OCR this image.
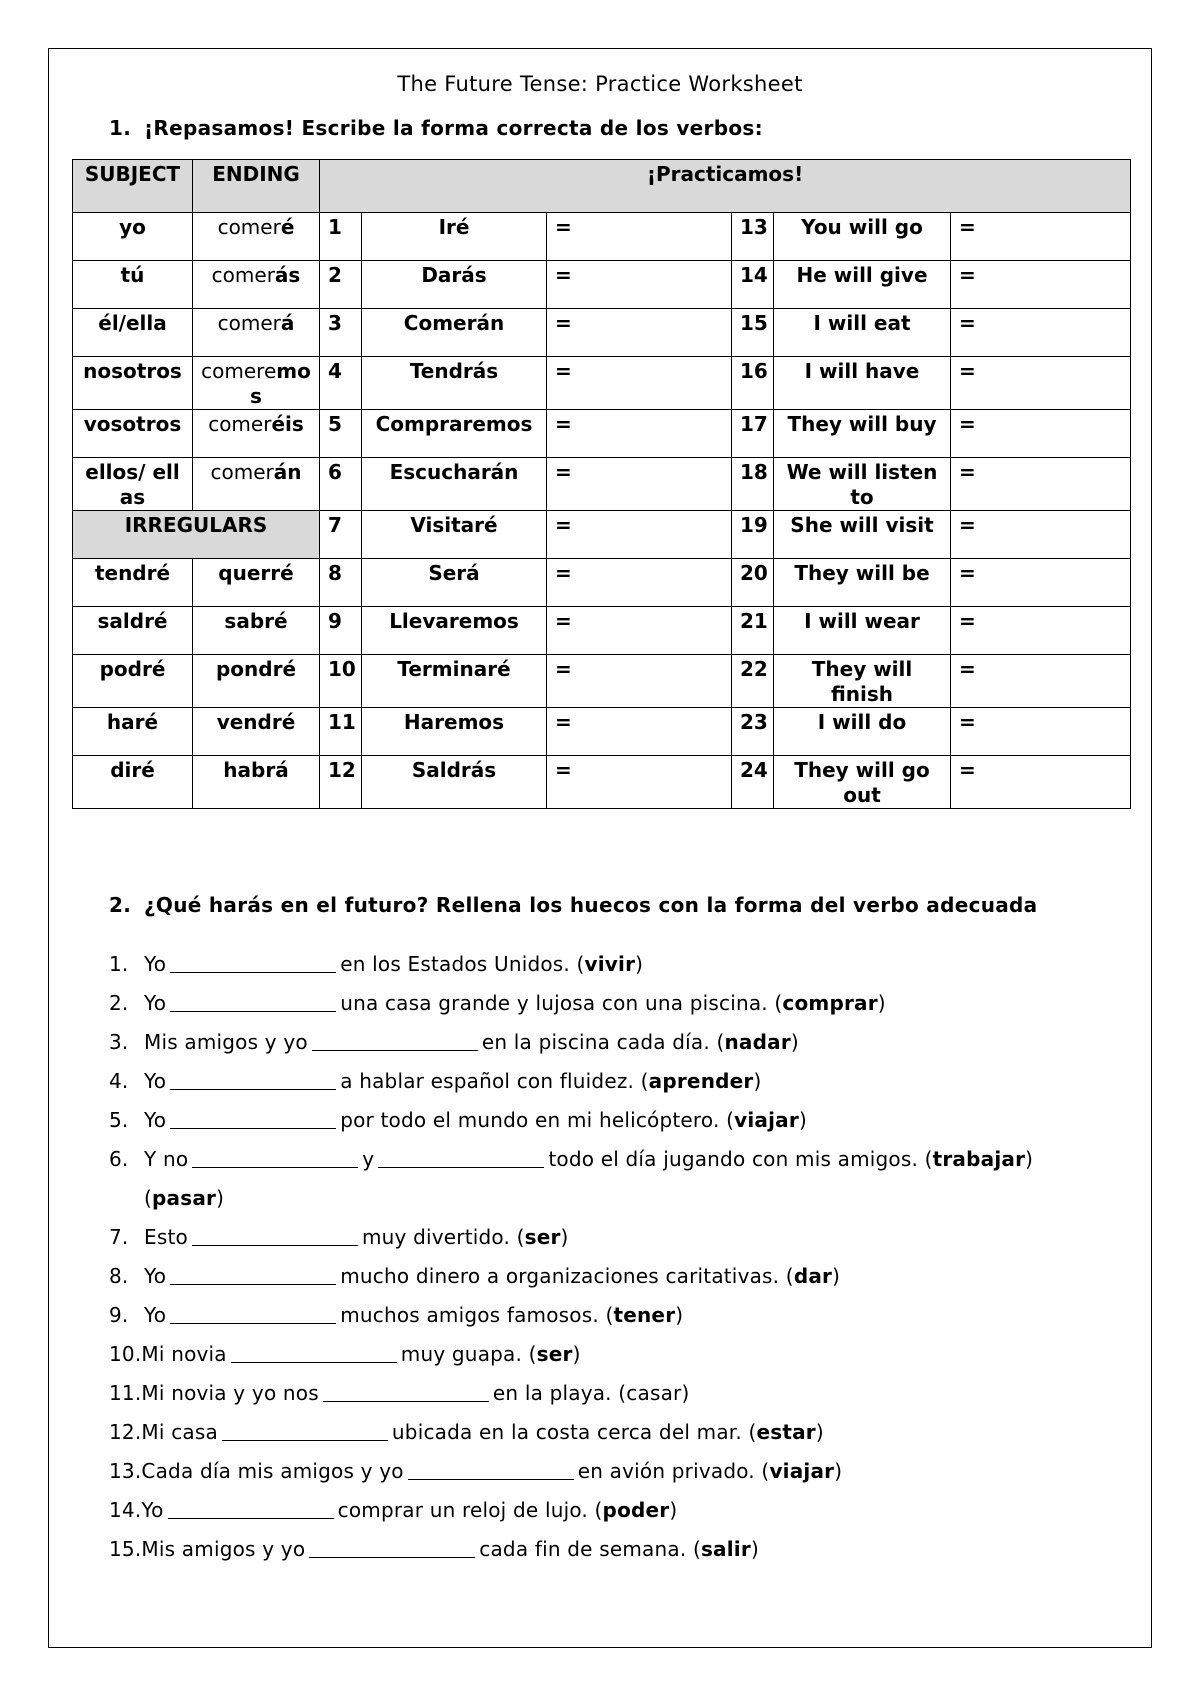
The Future Tense: Practice Worksheet
1. ¡Repasamos! Escribe la forma correcta de los verbos:
SUBJECT	ENDING	¡Practicamos!					
yo	comeré	1	Iré	=	13	You will go	=
tú	comerás	2	Darás	=	14	He will give	=
él/ella	comerá	3	Comerán	=	15	I will eat	=
nosotros	comeremos	4	Tendrás	=	16	I will have	=
vosotros	comeréis	5	Compraremos	=	17	They will buy	=
ellos/ ellas	comerán	6	Escucharán	=	18	We will listen to	=
IRREGULARS		7	Visitaré	=	19	She will visit	=
tendré	querré	8	Será	=	20	They will be	=
saldré	sabré	9	Llevaremos	=	21	I will wear	=
podré	pondré	10	Terminaré	=	22	They will finish	=
haré	vendré	11	Haremos	=	23	I will do	=
diré	habrá	12	Saldrás	=	24	They will go out	=
2. ¿Qué harás en el futuro? Rellena los huecos con la forma del verbo adecuada
1. Yo	en los Estados Unidos. (vivir)
2. Yo	una casa grande y lujosa con una piscina. (comprar)
3. Mis amigos y yo	en la piscina cada día. (nadar)
4. Yo	a hablar español con fluidez. (aprender)
5. Yo	por todo el mundo en mi helicóptero. (viajar)
6. Y no	y	todo el día jugando con mis amigos. (trabajar)
(pasar)
7. Esto	muy divertido. (ser)
8. Yo	mucho dinero a organizaciones caritativas. (dar)
9. Yo	muchos amigos famosos. (tener)
10.Mi novia	muy guapa. (ser)
11.Mi novia y yo nos	en la playa. (casar)
12.Mi casa	ubicada en la costa cerca del mar. (estar)
13.Cada día mis amigos y yo	en avión privado. (viajar)
14.Yo	comprar un reloj de lujo. (poder)
15.Mis amigos y yo	cada fin de semana. (salir)
